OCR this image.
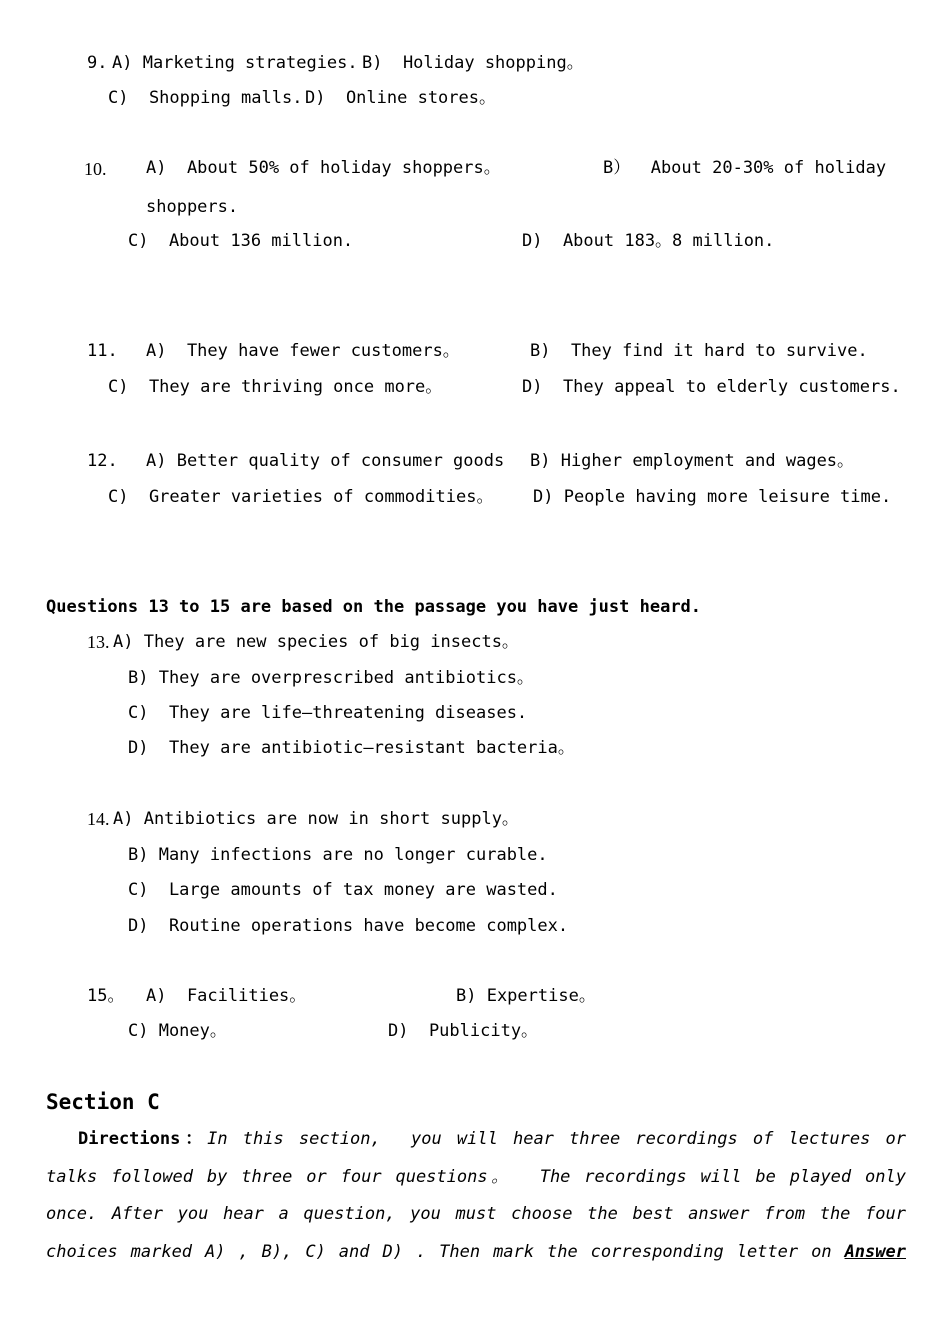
9. A) Marketing strategies. B)  Holiday shopping。
C)  Shopping malls. D)  Online stores。
10. A)  About 50% of holiday shoppers。	B）  About 20-30% of holiday
shoppers.
C)  About 136 million.	D)  About 183。8 million.
11. A)  They have fewer customers。	B)  They find it hard to survive.
C)  They are thriving once more。	D)  They appeal to elderly customers.
12. A) Better quality of consumer goods B) Higher employment and wages。
C)  Greater varieties of commodities。 D) People having more leisure time.
Questions 13 to 15 are based on the passage you have just heard.
13. A) They are new species of big insects。
B) They are overprescribed antibiotics。
C)  They are life—threatening diseases.
D)  They are antibiotic—resistant bacteria。
14. A) Antibiotics are now in short supply。
B) Many infections are no longer curable.
C)  Large amounts of tax money are wasted.
D)  Routine operations have become complex.
15。 A)  Facilities。	B) Expertise。
C) Money。	D)  Publicity。
Section C
Directions：In this section,  you will hear three recordings of lectures or
talks followed by three or four questions。  The recordings will be played only
once. After you hear a question, you must choose the best answer from the four
choices marked A) , B), C) and D) . Then mark the corresponding letter on Answer
